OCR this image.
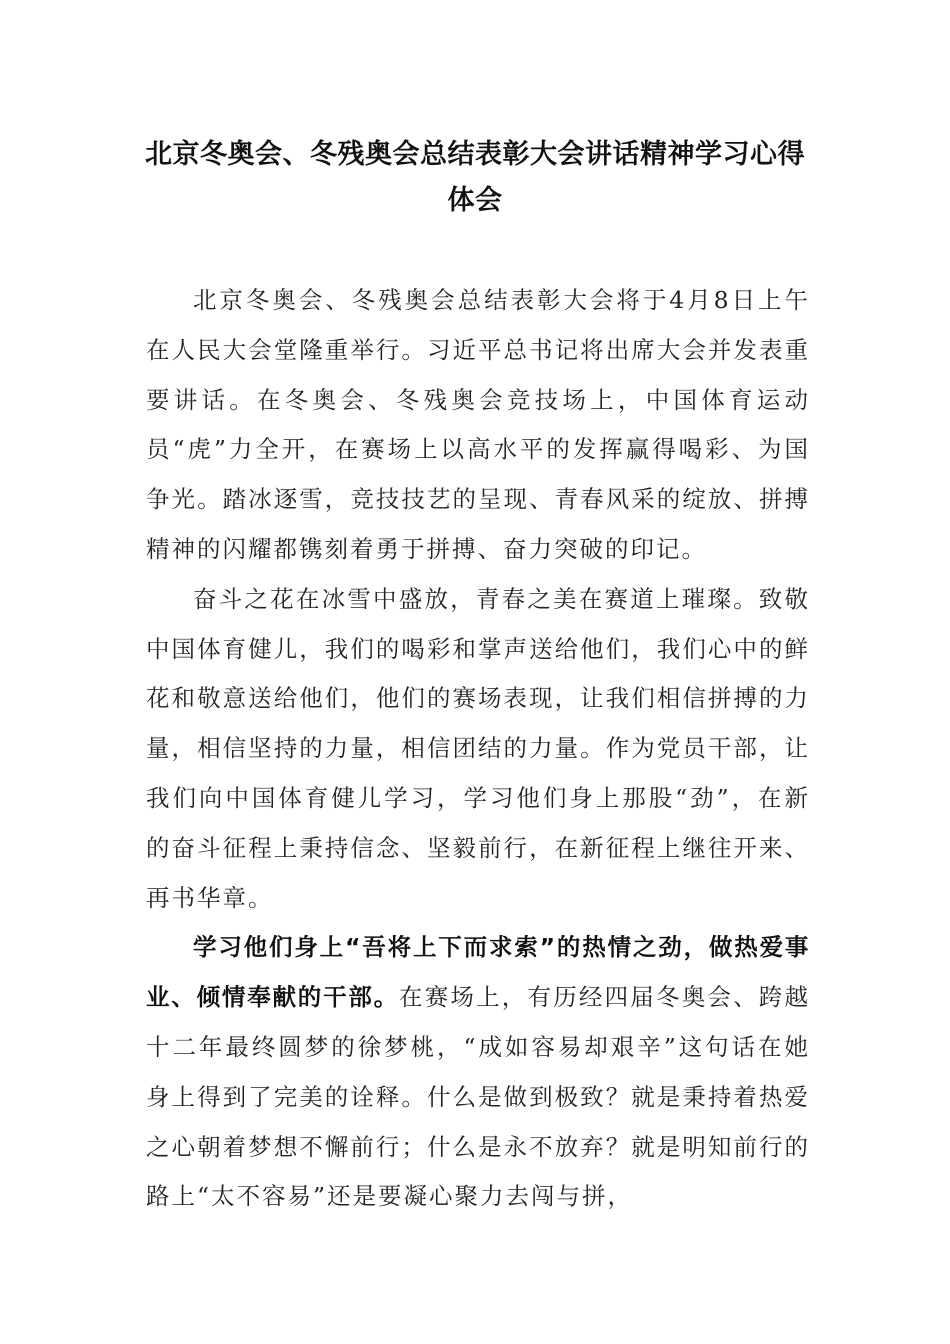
北京冬奥会、冬残奥会总结表彰大会讲话精神学习心得体会

北京冬奥会、冬残奥会总结表彰大会将于4月8日上午在人民大会堂隆重举行。习近平总书记将出席大会并发表重要讲话。在冬奥会、冬残奥会竞技场上，中国体育运动员“虎”力全开，在赛场上以高水平的发挥赢得喝彩、为国争光。踏冰逐雪，竞技技艺的呈现、青春风采的绽放、拼搏精神的闪耀都镌刻着勇于拼搏、奋力突破的印记。

奋斗之花在冰雪中盛放，青春之美在赛道上璀璨。致敬中国体育健儿，我们的喝彩和掌声送给他们，我们心中的鲜花和敬意送给他们，他们的赛场表现，让我们相信拼搏的力量，相信坚持的力量，相信团结的力量。作为党员干部，让我们向中国体育健儿学习，学习他们身上那股“劲”，在新的奋斗征程上秉持信念、坚毅前行，在新征程上继往开来、再书华章。

学习他们身上“吾将上下而求索”的热情之劲，做热爱事业、倾情奉献的干部。在赛场上，有历经四届冬奥会、跨越十二年最终圆梦的徐梦桃，“成如容易却艰辛”这句话在她身上得到了完美的诠释。什么是做到极致？就是秉持着热爱之心朝着梦想不懈前行；什么是永不放弃？就是明知前行的路上“太不容易”还是要凝心聚力去闯与拼，
